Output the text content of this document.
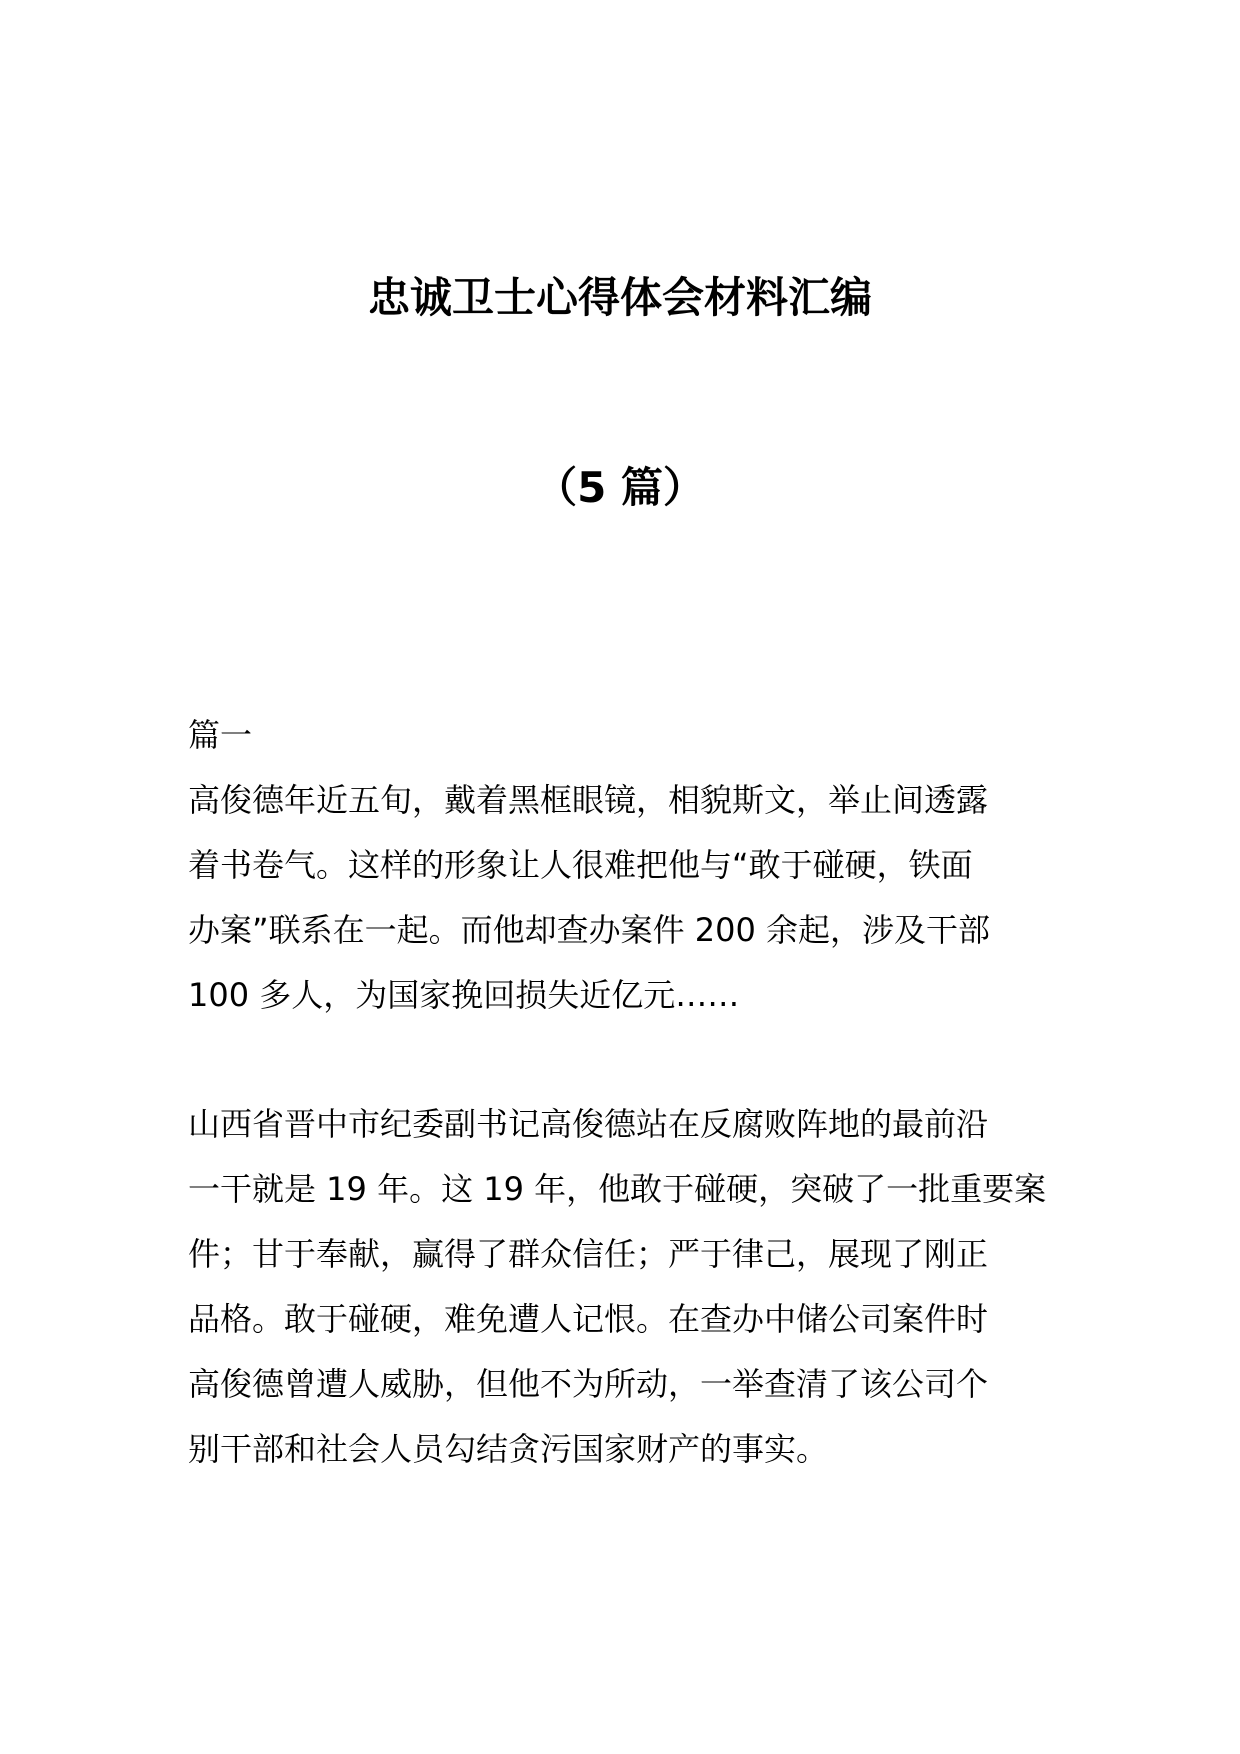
忠诚卫士心得体会材料汇编
（5 篇）
篇一
高俊德年近五旬，戴着黑框眼镜，相貌斯文，举止间透露
着书卷气。这样的形象让人很难把他与“敢于碰硬，铁面
办案”联系在一起。而他却查办案件 200 余起，涉及干部
100 多人，为国家挽回损失近亿元……
山西省晋中市纪委副书记高俊德站在反腐败阵地的最前沿
一干就是 19 年。这 19 年，他敢于碰硬，突破了一批重要案
件；甘于奉献，赢得了群众信任；严于律己，展现了刚正
品格。敢于碰硬，难免遭人记恨。在查办中储公司案件时
高俊德曾遭人威胁，但他不为所动，一举查清了该公司个
别干部和社会人员勾结贪污国家财产的事实。
